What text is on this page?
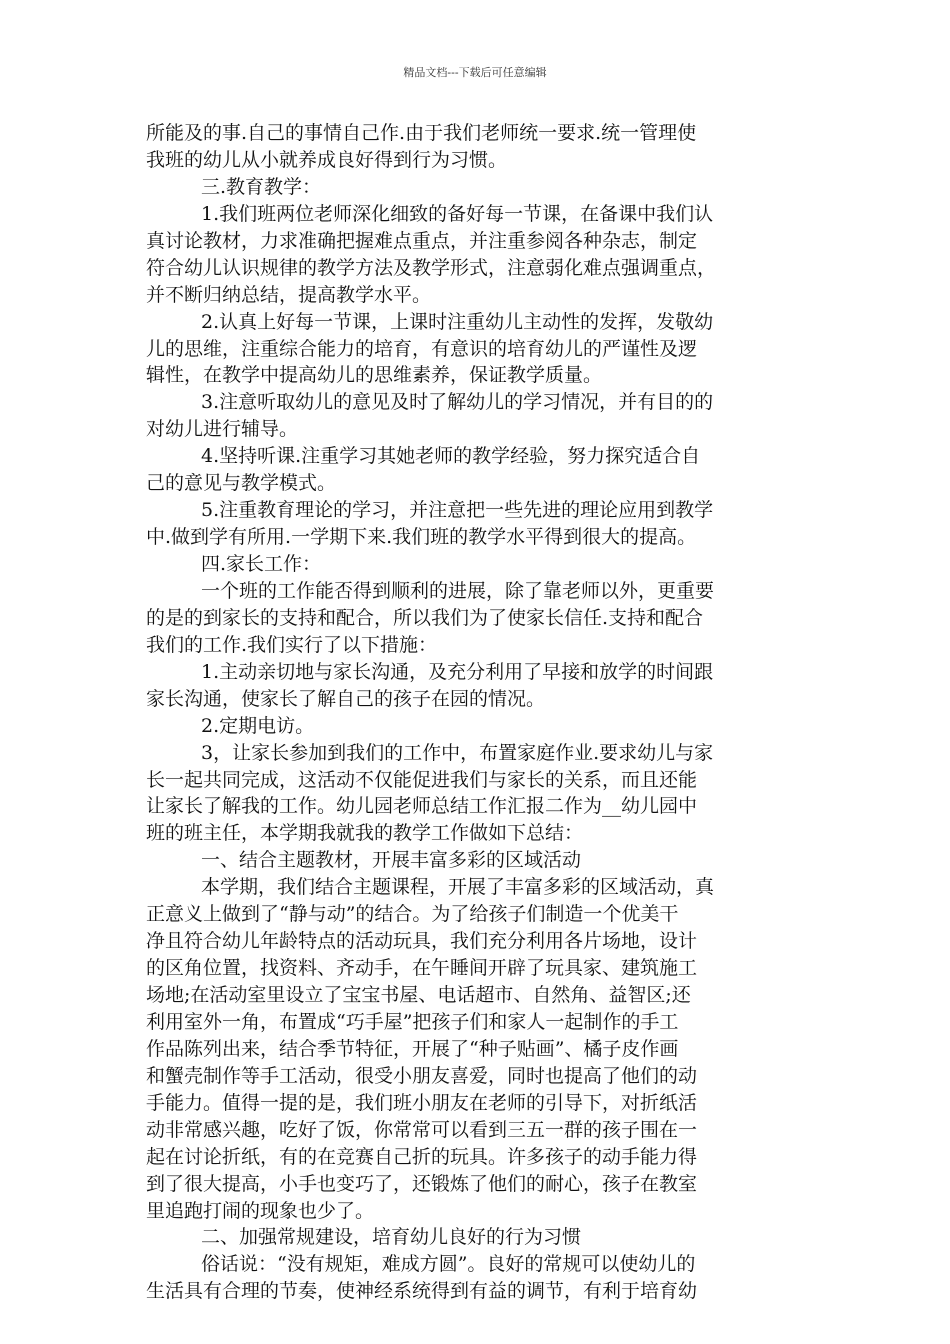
精品文档---下载后可任意编辑
所能及的事.自己的事情自己作.由于我们老师统一要求.统一管理使
我班的幼儿从小就养成良好得到行为习惯。
三.教育教学：
1.我们班两位老师深化细致的备好每一节课，在备课中我们认
真讨论教材，力求准确把握难点重点，并注重参阅各种杂志，制定
符合幼儿认识规律的教学方法及教学形式，注意弱化难点强调重点，
并不断归纳总结，提高教学水平。
2.认真上好每一节课，上课时注重幼儿主动性的发挥，发敬幼
儿的思维，注重综合能力的培育，有意识的培育幼儿的严谨性及逻
辑性，在教学中提高幼儿的思维素养，保证教学质量。
3.注意听取幼儿的意见及时了解幼儿的学习情况，并有目的的
对幼儿进行辅导。
4.坚持听课.注重学习其她老师的教学经验，努力探究适合自
己的意见与教学模式。
5.注重教育理论的学习，并注意把一些先进的理论应用到教学
中.做到学有所用.一学期下来.我们班的教学水平得到很大的提高。
四.家长工作：
一个班的工作能否得到顺利的进展，除了靠老师以外，更重要
的是的到家长的支持和配合，所以我们为了使家长信任.支持和配合
我们的工作.我们实行了以下措施：
1.主动亲切地与家长沟通，及充分利用了早接和放学的时间跟
家长沟通，使家长了解自己的孩子在园的情况。
2.定期电访。
3，让家长参加到我们的工作中，布置家庭作业.要求幼儿与家
长一起共同完成，这活动不仅能促进我们与家长的关系，而且还能
让家长了解我的工作。幼儿园老师总结工作汇报二作为__幼儿园中
班的班主任，本学期我就我的教学工作做如下总结：
一、结合主题教材，开展丰富多彩的区域活动
本学期，我们结合主题课程，开展了丰富多彩的区域活动，真
正意义上做到了“静与动”的结合。为了给孩子们制造一个优美干
净且符合幼儿年龄特点的活动玩具，我们充分利用各片场地，设计
的区角位置，找资料、齐动手，在午睡间开辟了玩具家、建筑施工
场地;在活动室里设立了宝宝书屋、电话超市、自然角、益智区;还
利用室外一角，布置成“巧手屋”把孩子们和家人一起制作的手工
作品陈列出来，结合季节特征，开展了“种子贴画”、橘子皮作画
和蟹壳制作等手工活动，很受小朋友喜爱，同时也提高了他们的动
手能力。值得一提的是，我们班小朋友在老师的引导下，对折纸活
动非常感兴趣，吃好了饭，你常常可以看到三五一群的孩子围在一
起在讨论折纸，有的在竞赛自己折的玩具。许多孩子的动手能力得
到了很大提高，小手也变巧了，还锻炼了他们的耐心，孩子在教室
里追跑打闹的现象也少了。
二、加强常规建设，培育幼儿良好的行为习惯
俗话说：“没有规矩，难成方圆”。良好的常规可以使幼儿的
生活具有合理的节奏，使神经系统得到有益的调节，有利于培育幼
